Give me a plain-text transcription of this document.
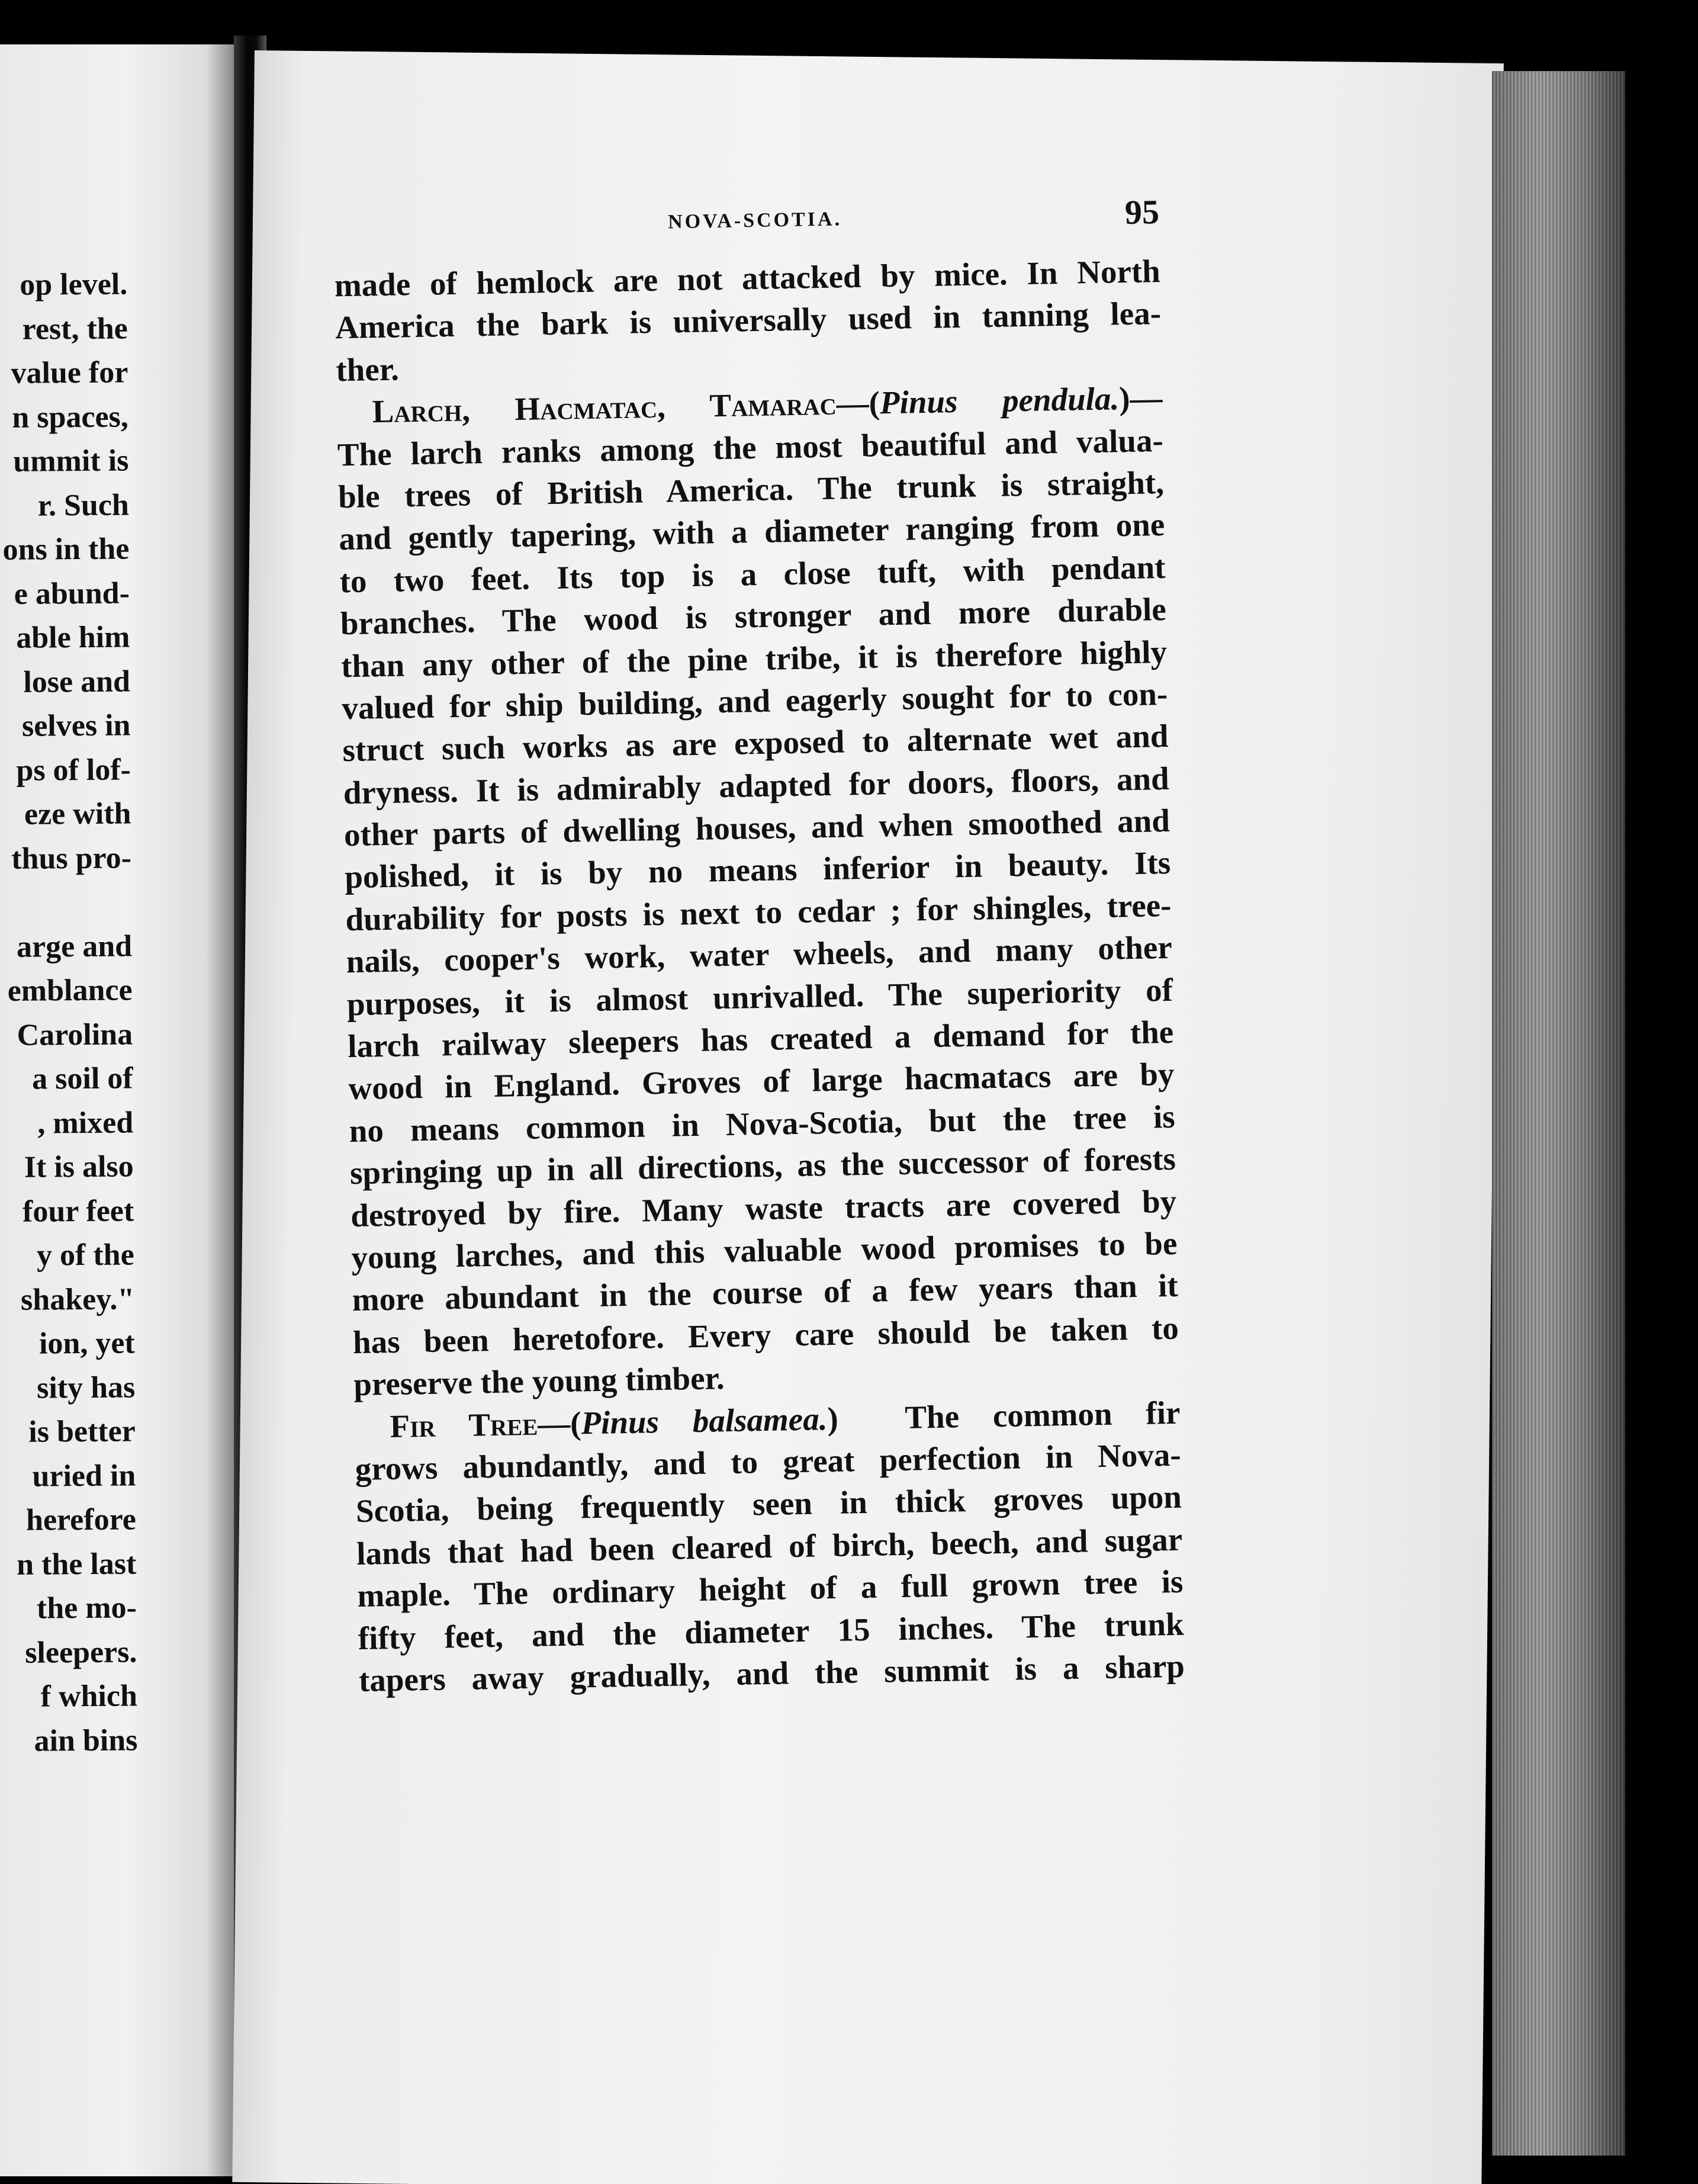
op level.
rest, the
value for
n spaces,
ummit is
r. Such
ons in the
e abund-
able him
lose and
selves in
ps of lof-
eze with
thus pro-
arge and
emblance
Carolina
a soil of
, mixed
It is also
four feet
y of the
shakey."
ion, yet
sity has
is better
uried in
herefore
n the last
the mo-
sleepers.
f which
ain bins
NOVA-SCOTIA.	95
made of hemlock are not attacked by mice. In North
America the bark is universally used in tanning lea-
ther.
Larch, Hacmatac, Tamarac—(Pinus pendula.)—
The larch ranks among the most beautiful and valua-
ble trees of British America. The trunk is straight,
and gently tapering, with a diameter ranging from one
to two feet. Its top is a close tuft, with pendant
branches. The wood is stronger and more durable
than any other of the pine tribe, it is therefore highly
valued for ship building, and eagerly sought for to con-
struct such works as are exposed to alternate wet and
dryness. It is admirably adapted for doors, floors, and
other parts of dwelling houses, and when smoothed and
polished, it is by no means inferior in beauty. Its
durability for posts is next to cedar ; for shingles, tree-
nails, cooper's work, water wheels, and many other
purposes, it is almost unrivalled. The superiority of
larch railway sleepers has created a demand for the
wood in England. Groves of large hacmatacs are by
no means common in Nova-Scotia, but the tree is
springing up in all directions, as the successor of forests
destroyed by fire. Many waste tracts are covered by
young larches, and this valuable wood promises to be
more abundant in the course of a few years than it
has been heretofore. Every care should be taken to
preserve the young timber.
Fir Tree—(Pinus balsamea.)  The common fir
grows abundantly, and to great perfection in Nova-
Scotia, being frequently seen in thick groves upon
lands that had been cleared of birch, beech, and sugar
maple. The ordinary height of a full grown tree is
fifty feet, and the diameter 15 inches. The trunk
tapers away gradually, and the summit is a sharp
